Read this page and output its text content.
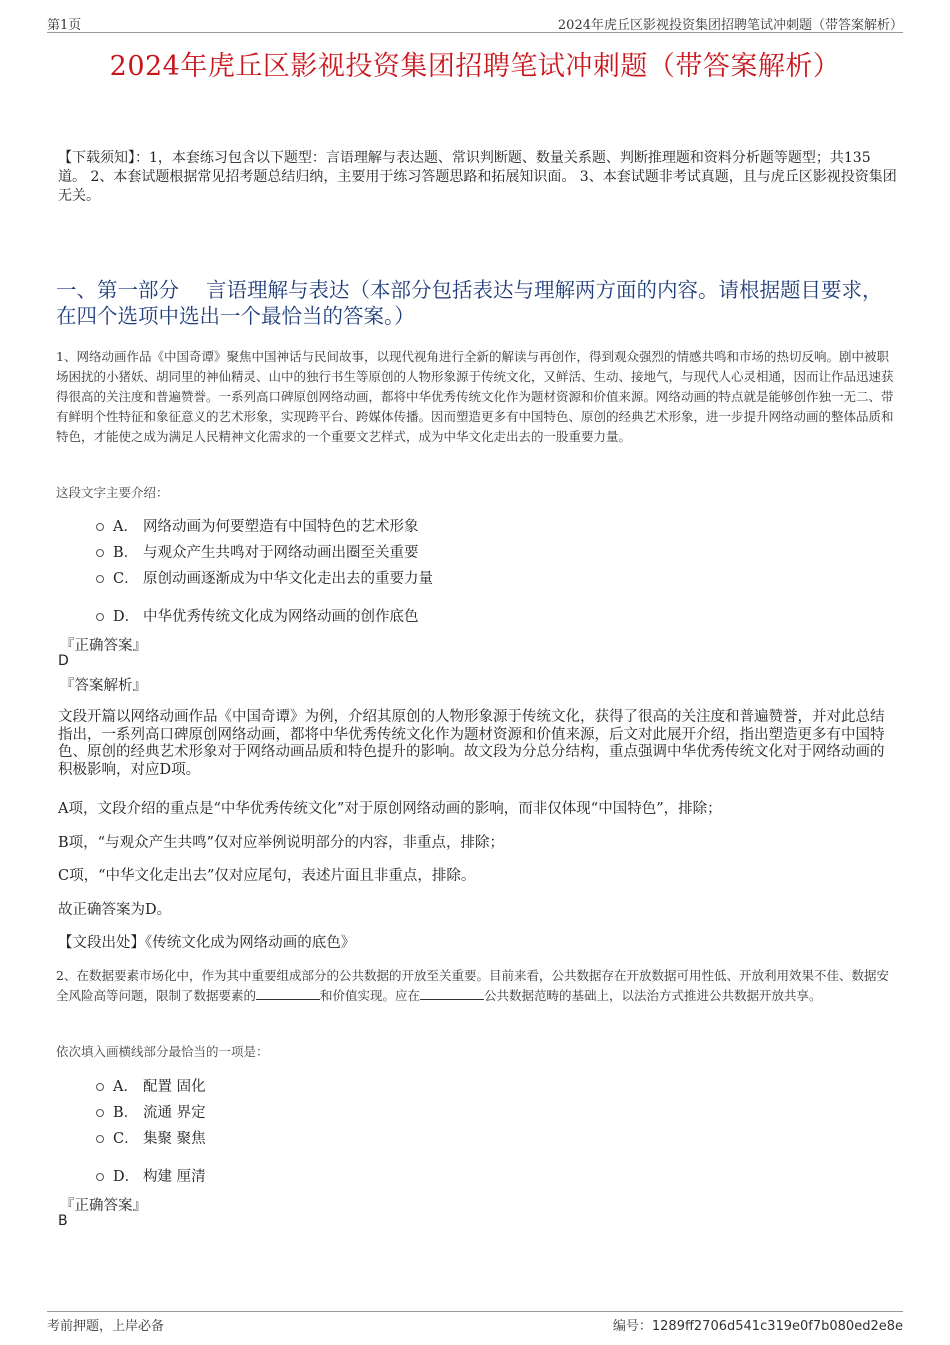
第1页	2024年虎丘区影视投资集团招聘笔试冲刺题（带答案解析）
2024年虎丘区影视投资集团招聘笔试冲刺题（带答案解析）
【下载须知】：1，本套练习包含以下题型：言语理解与表达题、常识判断题、数量关系题、判断推理题和资料分析题等题型；共135道。 2、本套试题根据常见招考题总结归纳，主要用于练习答题思路和拓展知识面。 3、本套试题非考试真题，且与虎丘区影视投资集团无关。
一、第一部分　 言语理解与表达（本部分包括表达与理解两方面的内容。请根据题目要求，在四个选项中选出一个最恰当的答案。）
1、网络动画作品《中国奇谭》聚焦中国神话与民间故事，以现代视角进行全新的解读与再创作，得到观众强烈的情感共鸣和市场的热切反响。剧中被职场困扰的小猪妖、胡同里的神仙精灵、山中的独行书生等原创的人物形象源于传统文化，又鲜活、生动、接地气，与现代人心灵相通，因而让作品迅速获得很高的关注度和普遍赞誉。一系列高口碑原创网络动画，都将中华优秀传统文化作为题材资源和价值来源。网络动画的特点就是能够创作独一无二、带有鲜明个性特征和象征意义的艺术形象，实现跨平台、跨媒体传播。因而塑造更多有中国特色、原创的经典艺术形象，进一步提升网络动画的整体品质和特色，才能使之成为满足人民精神文化需求的一个重要文艺样式，成为中华文化走出去的一股重要力量。
这段文字主要介绍：
A． 网络动画为何要塑造有中国特色的艺术形象
B． 与观众产生共鸣对于网络动画出圈至关重要
C． 原创动画逐渐成为中华文化走出去的重要力量
D． 中华优秀传统文化成为网络动画的创作底色
『正确答案』
D
『答案解析』
文段开篇以网络动画作品《中国奇谭》为例，介绍其原创的人物形象源于传统文化，获得了很高的关注度和普遍赞誉，并对此总结指出，一系列高口碑原创网络动画，都将中华优秀传统文化作为题材资源和价值来源，后文对此展开介绍，指出塑造更多有中国特色、原创的经典艺术形象对于网络动画品质和特色提升的影响。故文段为分总分结构，重点强调中华优秀传统文化对于网络动画的积极影响，对应D项。
A项，文段介绍的重点是“中华优秀传统文化”对于原创网络动画的影响，而非仅体现“中国特色”，排除；
B项，“与观众产生共鸣”仅对应举例说明部分的内容，非重点，排除；
C项，“中华文化走出去”仅对应尾句，表述片面且非重点，排除。
故正确答案为D。
【文段出处】《传统文化成为网络动画的底色》
2、在数据要素市场化中，作为其中重要组成部分的公共数据的开放至关重要。目前来看，公共数据存在开放数据可用性低、开放利用效果不佳、数据安全风险高等问题，限制了数据要素的	和价值实现。应在	公共数据范畴的基础上，以法治方式推进公共数据开放共享。
依次填入画横线部分最恰当的一项是：
A． 配置 固化
B． 流通 界定
C． 集聚 聚焦
D． 构建 厘清
『正确答案』
B
考前押题，上岸必备	编号：1289ff2706d541c319e0f7b080ed2e8e
